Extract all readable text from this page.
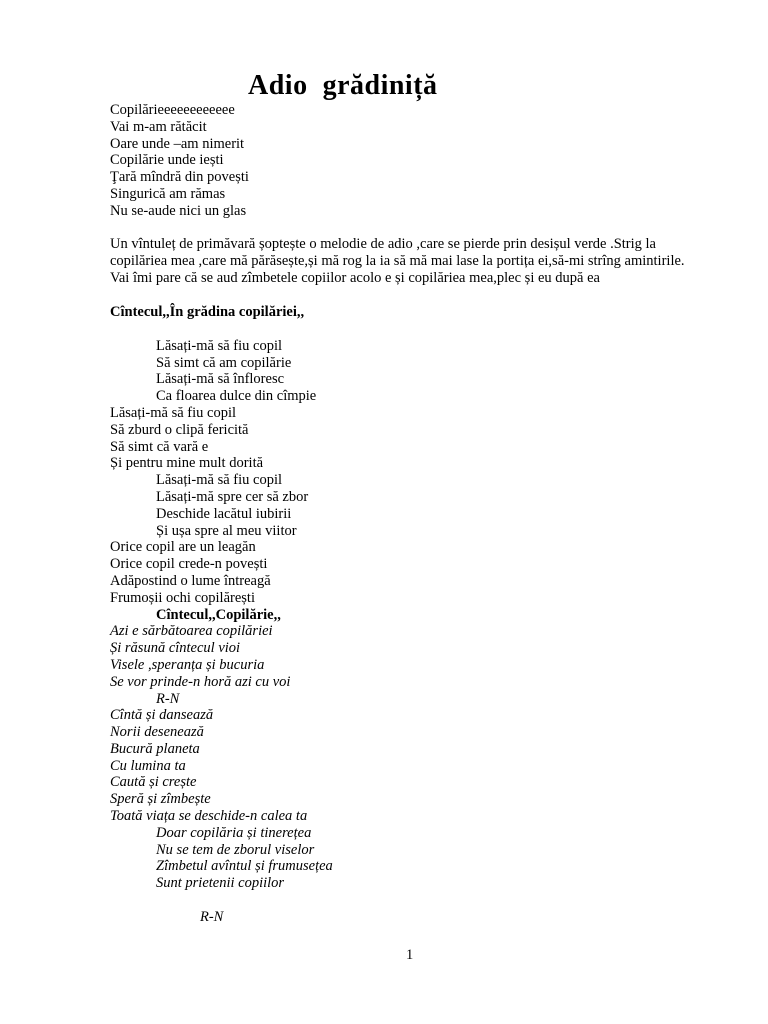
Adio  grădiniță
Copilărieeeeeeeeeeee
Vai m-am rătăcit
Oare unde –am nimerit
Copilărie unde iești
Ţară mîndră din povești
Singurică am rămas
Nu se-aude nici un glas
Un vîntuleț de primăvară șoptește o melodie de adio ,care se pierde prin desișul verde .Strig la copilăriea mea ,care mă părăsește,și mă rog la ia să mă mai lase la portița ei,să-mi strîng amintirile.
Vai îmi pare că se aud zîmbetele copiilor acolo e și copilăriea mea,plec și eu după ea
Cîntecul,,În grădina copilăriei,,
Lăsați-mă să fiu copil
Să simt că am copilărie
Lăsați-mă să înfloresc
Ca floarea dulce din cîmpie
Lăsați-mă să fiu copil
Să zburd o clipă fericită
Să simt că vară e
Și pentru mine mult dorită
Lăsați-mă să fiu copil
Lăsați-mă spre cer să zbor
Deschide lacătul iubirii
Și ușa spre al meu viitor
Orice copil are un leagăn
Orice copil crede-n povești
Adăpostind o lume întreagă
Frumoșii ochi copilărești
Cîntecul,,Copilărie,,
Azi e sărbătoarea copilăriei
Și răsună cîntecul vioi
Visele ,speranța și bucuria
Se vor prinde-n horă azi cu voi
R-N
Cîntă și dansează
Norii desenează
Bucură planeta
Cu lumina ta
Caută și crește
Speră și zîmbește
Toată viața se deschide-n calea ta
Doar copilăria și tinerețea
Nu se tem de zborul viselor
Zîmbetul avîntul și frumusețea
Sunt prietenii copiilor
R-N
1
